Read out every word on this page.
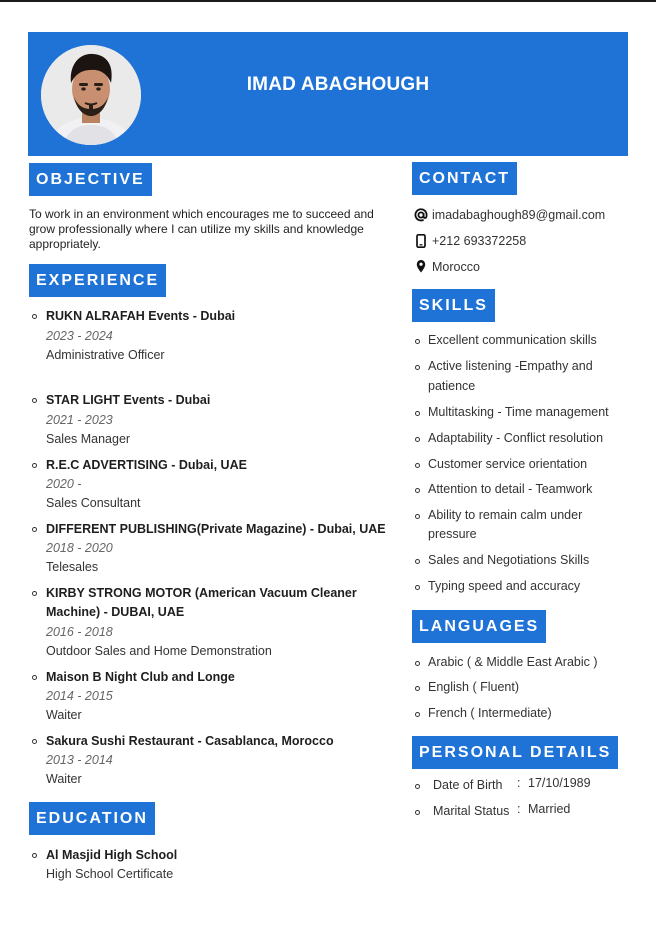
IMAD ABAGHOUGH
OBJECTIVE
To work in an environment which encourages me to succeed and grow professionally where I can utilize my skills and knowledge appropriately.
EXPERIENCE
RUKN ALRAFAH Events - Dubai
2023 - 2024
Administrative Officer
STAR LIGHT Events - Dubai
2021 - 2023
Sales Manager
R.E.C ADVERTISING - Dubai, UAE
2020 -
Sales Consultant
DIFFERENT PUBLISHING(Private Magazine) - Dubai, UAE
2018 - 2020
Telesales
KIRBY STRONG MOTOR (American Vacuum Cleaner
Machine) - DUBAI, UAE
2016 - 2018
Outdoor Sales and Home Demonstration
Maison B Night Club and Longe
2014 - 2015
Waiter
Sakura Sushi Restaurant - Casablanca, Morocco
2013 - 2014
Waiter
EDUCATION
Al Masjid High School
High School Certificate
CONTACT
imadabaghough89@gmail.com
+212 693372258
Morocco
SKILLS
Excellent communication skills
Active listening -Empathy and
patience
Multitasking - Time management
Adaptability - Conflict resolution
Customer service orientation
Attention to detail - Teamwork
Ability to remain calm under
pressure
Sales and Negotiations Skills
Typing speed and accuracy
LANGUAGES
Arabic ( & Middle East Arabic )
English ( Fluent)
French ( Intermediate)
PERSONAL DETAILS
Date of Birth : 17/10/1989
Marital Status : Married
